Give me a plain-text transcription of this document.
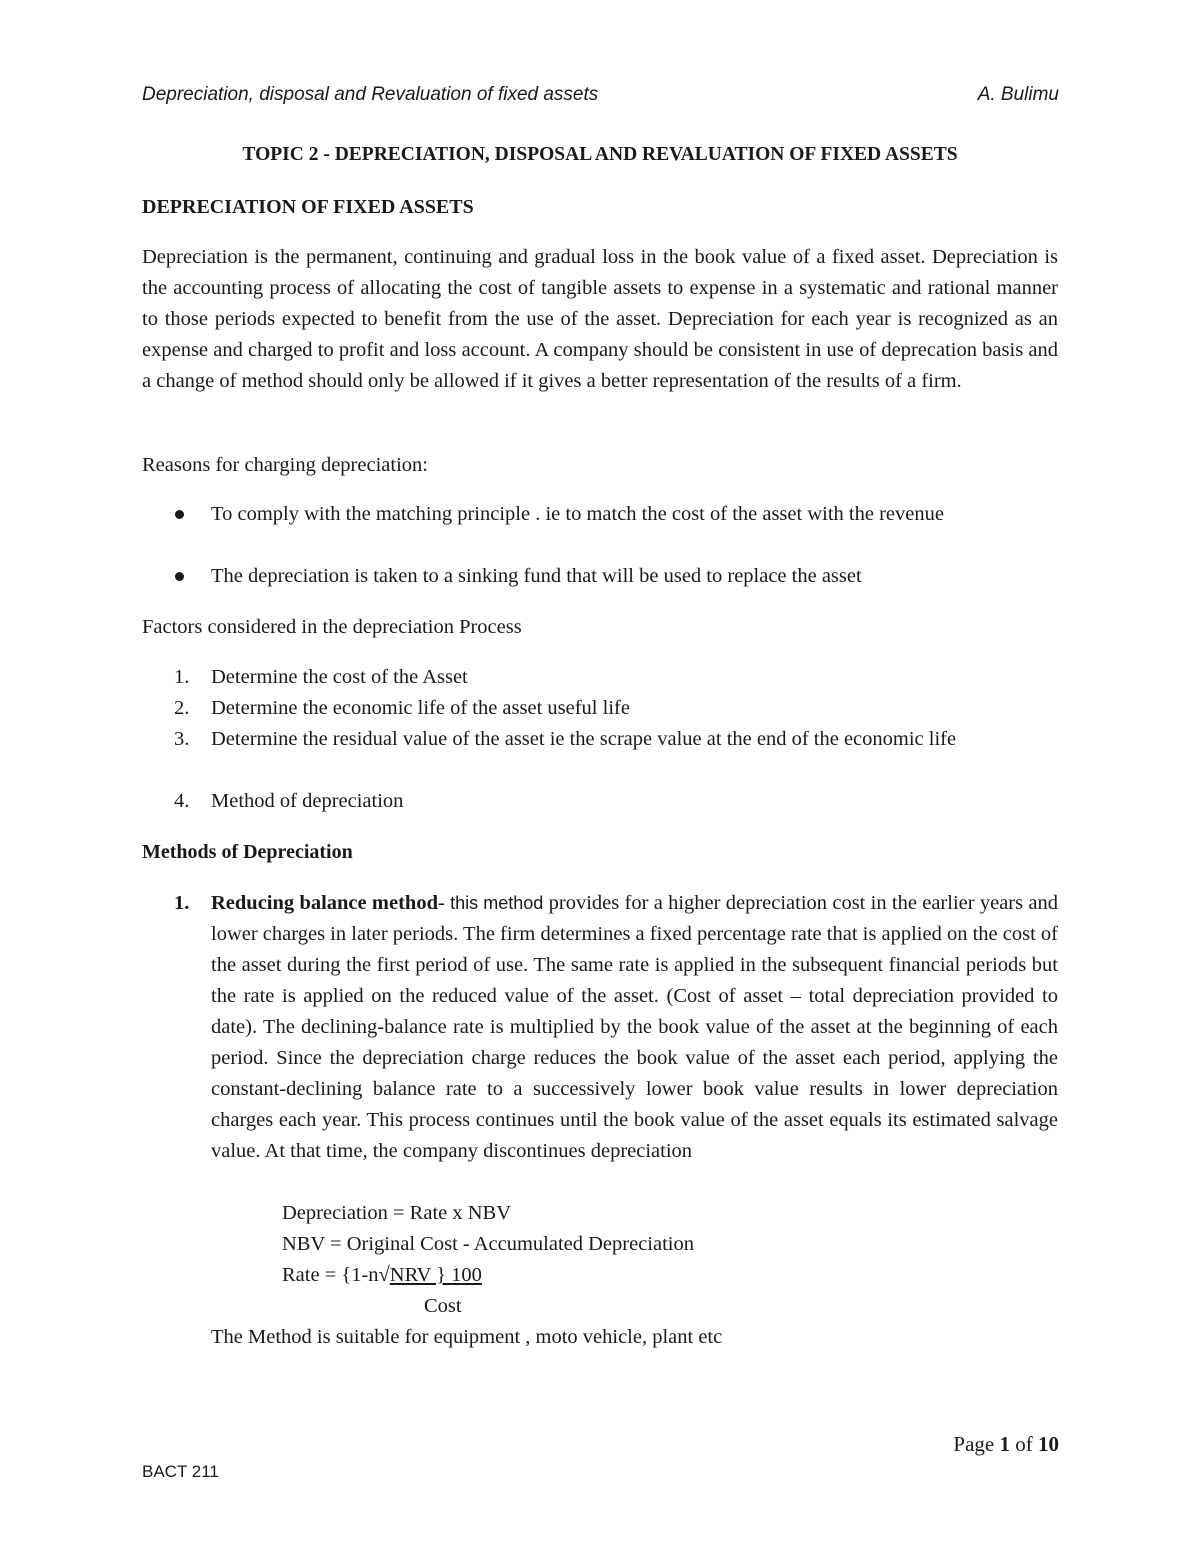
Depreciation, disposal and Revaluation of fixed assets	A. Bulimu
TOPIC 2 - DEPRECIATION, DISPOSAL AND REVALUATION OF FIXED ASSETS
DEPRECIATION OF FIXED ASSETS
Depreciation is the permanent, continuing and gradual loss in the book value of a fixed asset. Depreciation is the accounting process of allocating the cost of tangible assets to expense in a systematic and rational manner to those periods expected to benefit from the use of the asset. Depreciation for each year is recognized as an expense and charged to profit and loss account. A company should be consistent in use of deprecation basis and a change of method should only be allowed if it gives a better representation of the results of a firm.
Reasons for charging depreciation:
To comply with the matching principle . ie to match the cost of the asset with the revenue
The depreciation is taken to a sinking fund that will be used to replace the asset
Factors considered in the depreciation Process
1. Determine the cost of the Asset
2. Determine the economic life of the asset useful life
3. Determine the residual value of the asset ie the scrape value at the end of the economic life
4. Method of depreciation
Methods of Depreciation
1. Reducing balance method- this method provides for a higher depreciation cost in the earlier years and lower charges in later periods. The firm determines a fixed percentage rate that is applied on the cost of the asset during the first period of use. The same rate is applied in the subsequent financial periods but the rate is applied on the reduced value of the asset. (Cost of asset – total depreciation provided to date). The declining-balance rate is multiplied by the book value of the asset at the beginning of each period. Since the depreciation charge reduces the book value of the asset each period, applying the constant-declining balance rate to a successively lower book value results in lower depreciation charges each year. This process continues until the book value of the asset equals its estimated salvage value. At that time, the company discontinues depreciation
Depreciation = Rate x NBV
NBV = Original Cost - Accumulated Depreciation
Rate = {1-n√NRV } 100
Cost
The Method is suitable for equipment , moto vehicle, plant etc
Page 1 of 10
BACT 211
